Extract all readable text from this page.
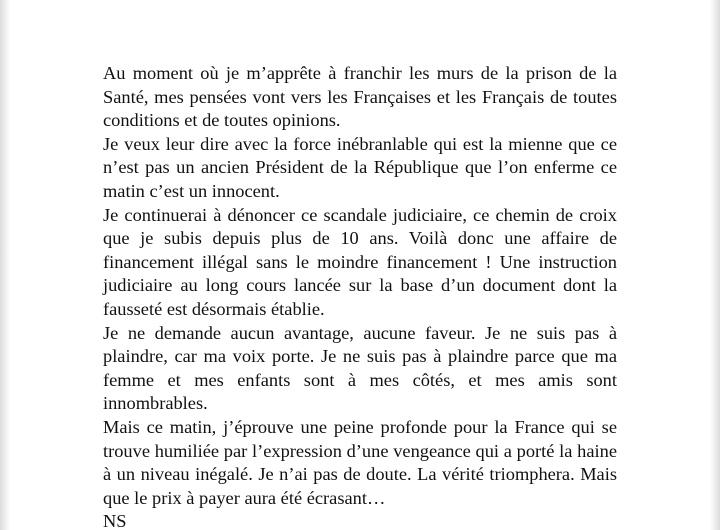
Au moment où je m’apprête à franchir les murs de la prison de la Santé, mes pensées vont vers les Françaises et les Français de toutes conditions et de toutes opinions.

Je veux leur dire avec la force inébranlable qui est la mienne que ce n’est pas un ancien Président de la République que l’on enferme ce matin c’est un innocent.

Je continuerai à dénoncer ce scandale judiciaire, ce chemin de croix que je subis depuis plus de 10 ans. Voilà donc une affaire de financement illégal sans le moindre financement ! Une instruction judiciaire au long cours lancée sur la base d’un document dont la fausseté est désormais établie.

Je ne demande aucun avantage, aucune faveur. Je ne suis pas à plaindre, car ma voix porte. Je ne suis pas à plaindre parce que ma femme et mes enfants sont à mes côtés, et mes amis sont innombrables.

Mais ce matin, j’éprouve une peine profonde pour la France qui se trouve humiliée par l’expression d’une vengeance qui a porté la haine à un niveau inégalé. Je n’ai pas de doute. La vérité triomphera. Mais que le prix à payer aura été écrasant…

NS
